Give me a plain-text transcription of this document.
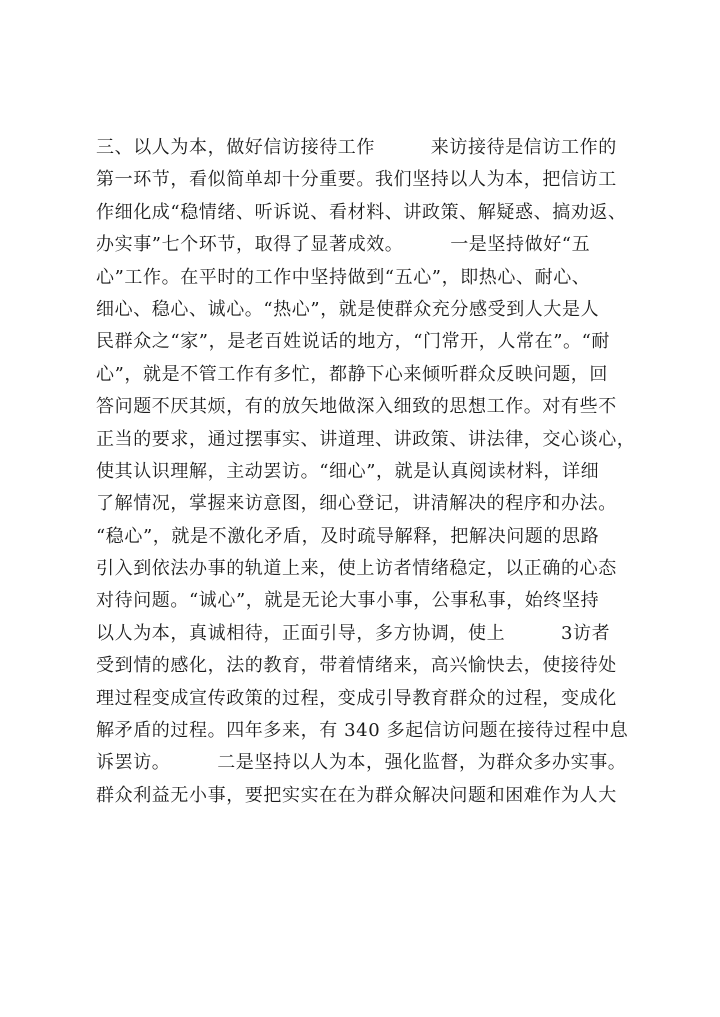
三、以人为本，做好信访接待工作　　　来访接待是信访工作的
第一环节，看似简单却十分重要。我们坚持以人为本，把信访工
作细化成“稳情绪、听诉说、看材料、讲政策、解疑惑、搞劝返、
办实事”七个环节，取得了显著成效。　　　一是坚持做好“五
心”工作。在平时的工作中坚持做到“五心”，即热心、耐心、
细心、稳心、诚心。“热心”，就是使群众充分感受到人大是人
民群众之“家”，是老百姓说话的地方，“门常开，人常在”。“耐
心”，就是不管工作有多忙，都静下心来倾听群众反映问题，回
答问题不厌其烦，有的放矢地做深入细致的思想工作。对有些不
正当的要求，通过摆事实、讲道理、讲政策、讲法律，交心谈心，
使其认识理解，主动罢访。“细心”，就是认真阅读材料，详细
了解情况，掌握来访意图，细心登记，讲清解决的程序和办法。
“稳心”，就是不激化矛盾，及时疏导解释，把解决问题的思路
引入到依法办事的轨道上来，使上访者情绪稳定，以正确的心态
对待问题。“诚心”，就是无论大事小事，公事私事，始终坚持
以人为本，真诚相待，正面引导，多方协调，使上　　　3访者
受到情的感化，法的教育，带着情绪来，高兴愉快去，使接待处
理过程变成宣传政策的过程，变成引导教育群众的过程，变成化
解矛盾的过程。四年多来，有 340 多起信访问题在接待过程中息
诉罢访。　　　二是坚持以人为本，强化监督，为群众多办实事。
群众利益无小事，要把实实在在为群众解决问题和困难作为人大
